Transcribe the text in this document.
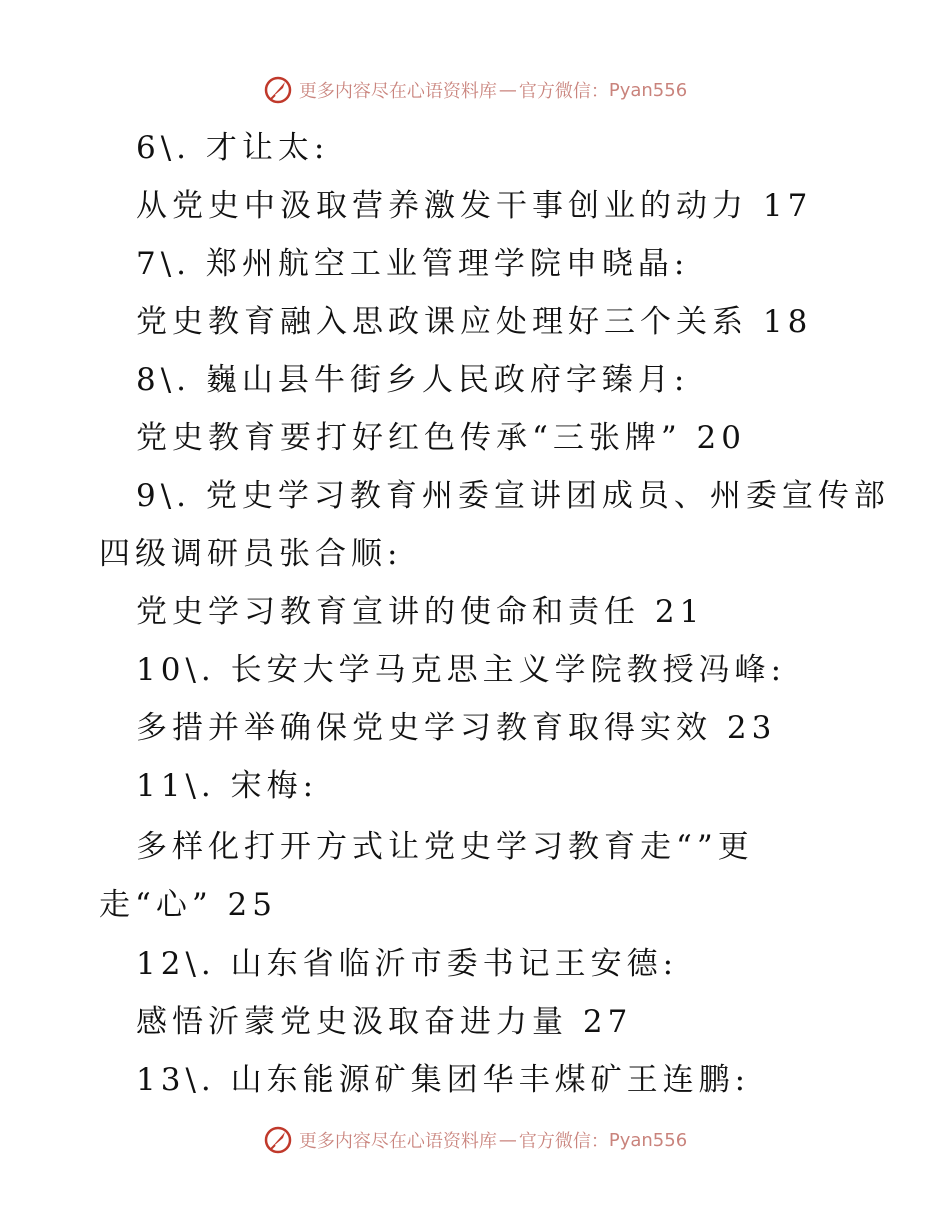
更多内容尽在心语资料库 — 官方微信： Pyan556
6\. 才让太:
从党史中汲取营养激发干事创业的动力 17
7\. 郑州航空工业管理学院申晓晶:
党史教育融入思政课应处理好三个关系 18
8\. 巍山县牛街乡人民政府字臻月:
党史教育要打好红色传承“三张牌” 20
9\. 党史学习教育州委宣讲团成员、州委宣传部
四级调研员张合顺:
党史学习教育宣讲的使命和责任 21
10\. 长安大学马克思主义学院教授冯峰:
多措并举确保党史学习教育取得实效 23
11\. 宋梅:
多样化打开方式让党史学习教育走“”更
走“心” 25
12\. 山东省临沂市委书记王安德:
感悟沂蒙党史汲取奋进力量 27
13\. 山东能源矿集团华丰煤矿王连鹏:
更多内容尽在心语资料库 — 官方微信： Pyan556
